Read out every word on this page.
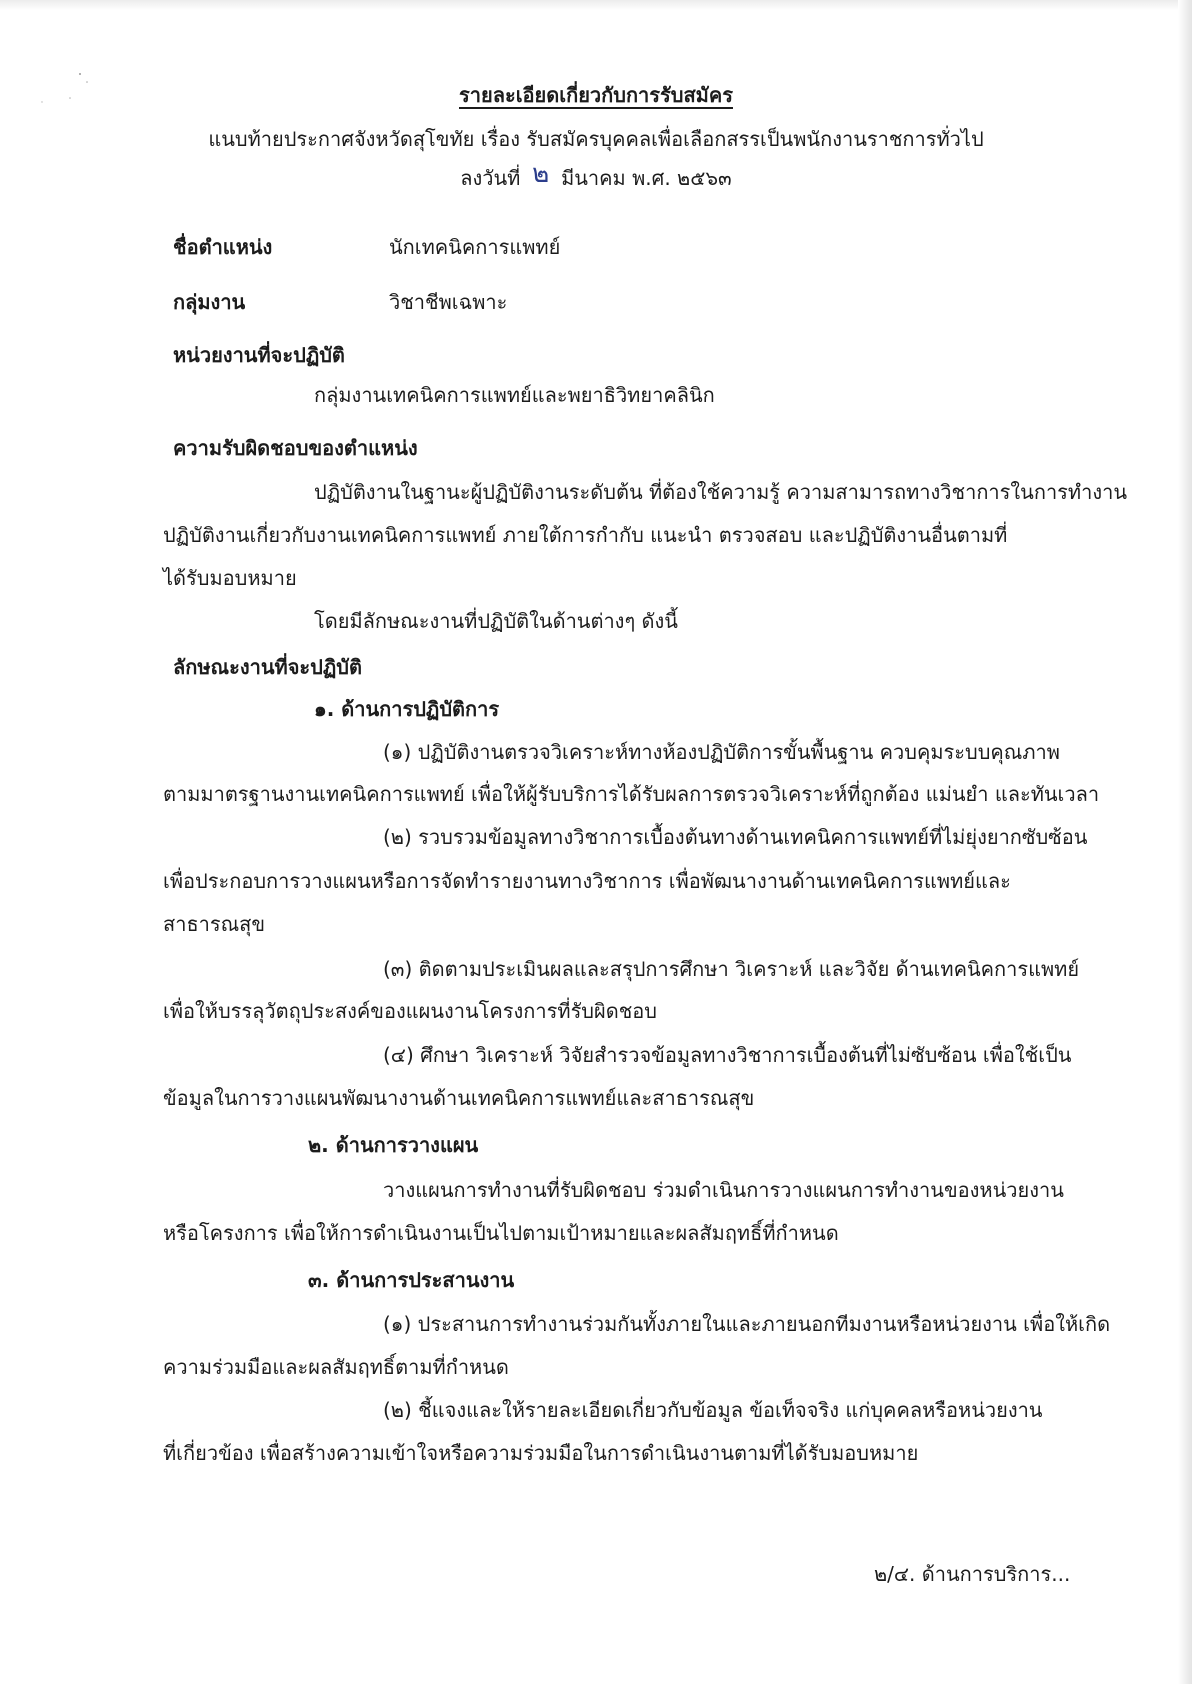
รายละเอียดเกี่ยวกับการรับสมัคร
แนบท้ายประกาศจังหวัดสุโขทัย เรื่อง รับสมัครบุคคลเพื่อเลือกสรรเป็นพนักงานราชการทั่วไป
ลงวันที่ ๒ มีนาคม พ.ศ. ๒๕๖๓
ชื่อตำแหน่ง	นักเทคนิคการแพทย์
กลุ่มงาน	วิชาชีพเฉพาะ
หน่วยงานที่จะปฏิบัติ
กลุ่มงานเทคนิคการแพทย์และพยาธิวิทยาคลินิก
ความรับผิดชอบของตำแหน่ง
ปฏิบัติงานในฐานะผู้ปฏิบัติงานระดับต้น ที่ต้องใช้ความรู้ ความสามารถทางวิชาการในการทำงาน
ปฏิบัติงานเกี่ยวกับงานเทคนิคการแพทย์ ภายใต้การกำกับ แนะนำ ตรวจสอบ และปฏิบัติงานอื่นตามที่
ได้รับมอบหมาย
โดยมีลักษณะงานที่ปฏิบัติในด้านต่างๆ ดังนี้
ลักษณะงานที่จะปฏิบัติ
๑. ด้านการปฏิบัติการ
(๑) ปฏิบัติงานตรวจวิเคราะห์ทางห้องปฏิบัติการขั้นพื้นฐาน ควบคุมระบบคุณภาพ
ตามมาตรฐานงานเทคนิคการแพทย์ เพื่อให้ผู้รับบริการได้รับผลการตรวจวิเคราะห์ที่ถูกต้อง แม่นยำ และทันเวลา
(๒) รวบรวมข้อมูลทางวิชาการเบื้องต้นทางด้านเทคนิคการแพทย์ที่ไม่ยุ่งยากซับซ้อน
เพื่อประกอบการวางแผนหรือการจัดทำรายงานทางวิชาการ เพื่อพัฒนางานด้านเทคนิคการแพทย์และ
สาธารณสุข
(๓) ติดตามประเมินผลและสรุปการศึกษา วิเคราะห์ และวิจัย ด้านเทคนิคการแพทย์
เพื่อให้บรรลุวัตถุประสงค์ของแผนงานโครงการที่รับผิดชอบ
(๔) ศึกษา วิเคราะห์ วิจัยสำรวจข้อมูลทางวิชาการเบื้องต้นที่ไม่ซับซ้อน เพื่อใช้เป็น
ข้อมูลในการวางแผนพัฒนางานด้านเทคนิคการแพทย์และสาธารณสุข
๒. ด้านการวางแผน
วางแผนการทำงานที่รับผิดชอบ ร่วมดำเนินการวางแผนการทำงานของหน่วยงาน
หรือโครงการ เพื่อให้การดำเนินงานเป็นไปตามเป้าหมายและผลสัมฤทธิ์ที่กำหนด
๓. ด้านการประสานงาน
(๑) ประสานการทำงานร่วมกันทั้งภายในและภายนอกทีมงานหรือหน่วยงาน เพื่อให้เกิด
ความร่วมมือและผลสัมฤทธิ์ตามที่กำหนด
(๒) ชี้แจงและให้รายละเอียดเกี่ยวกับข้อมูล ข้อเท็จจริง แก่บุคคลหรือหน่วยงาน
ที่เกี่ยวข้อง เพื่อสร้างความเข้าใจหรือความร่วมมือในการดำเนินงานตามที่ได้รับมอบหมาย
๒/๔. ด้านการบริการ...
